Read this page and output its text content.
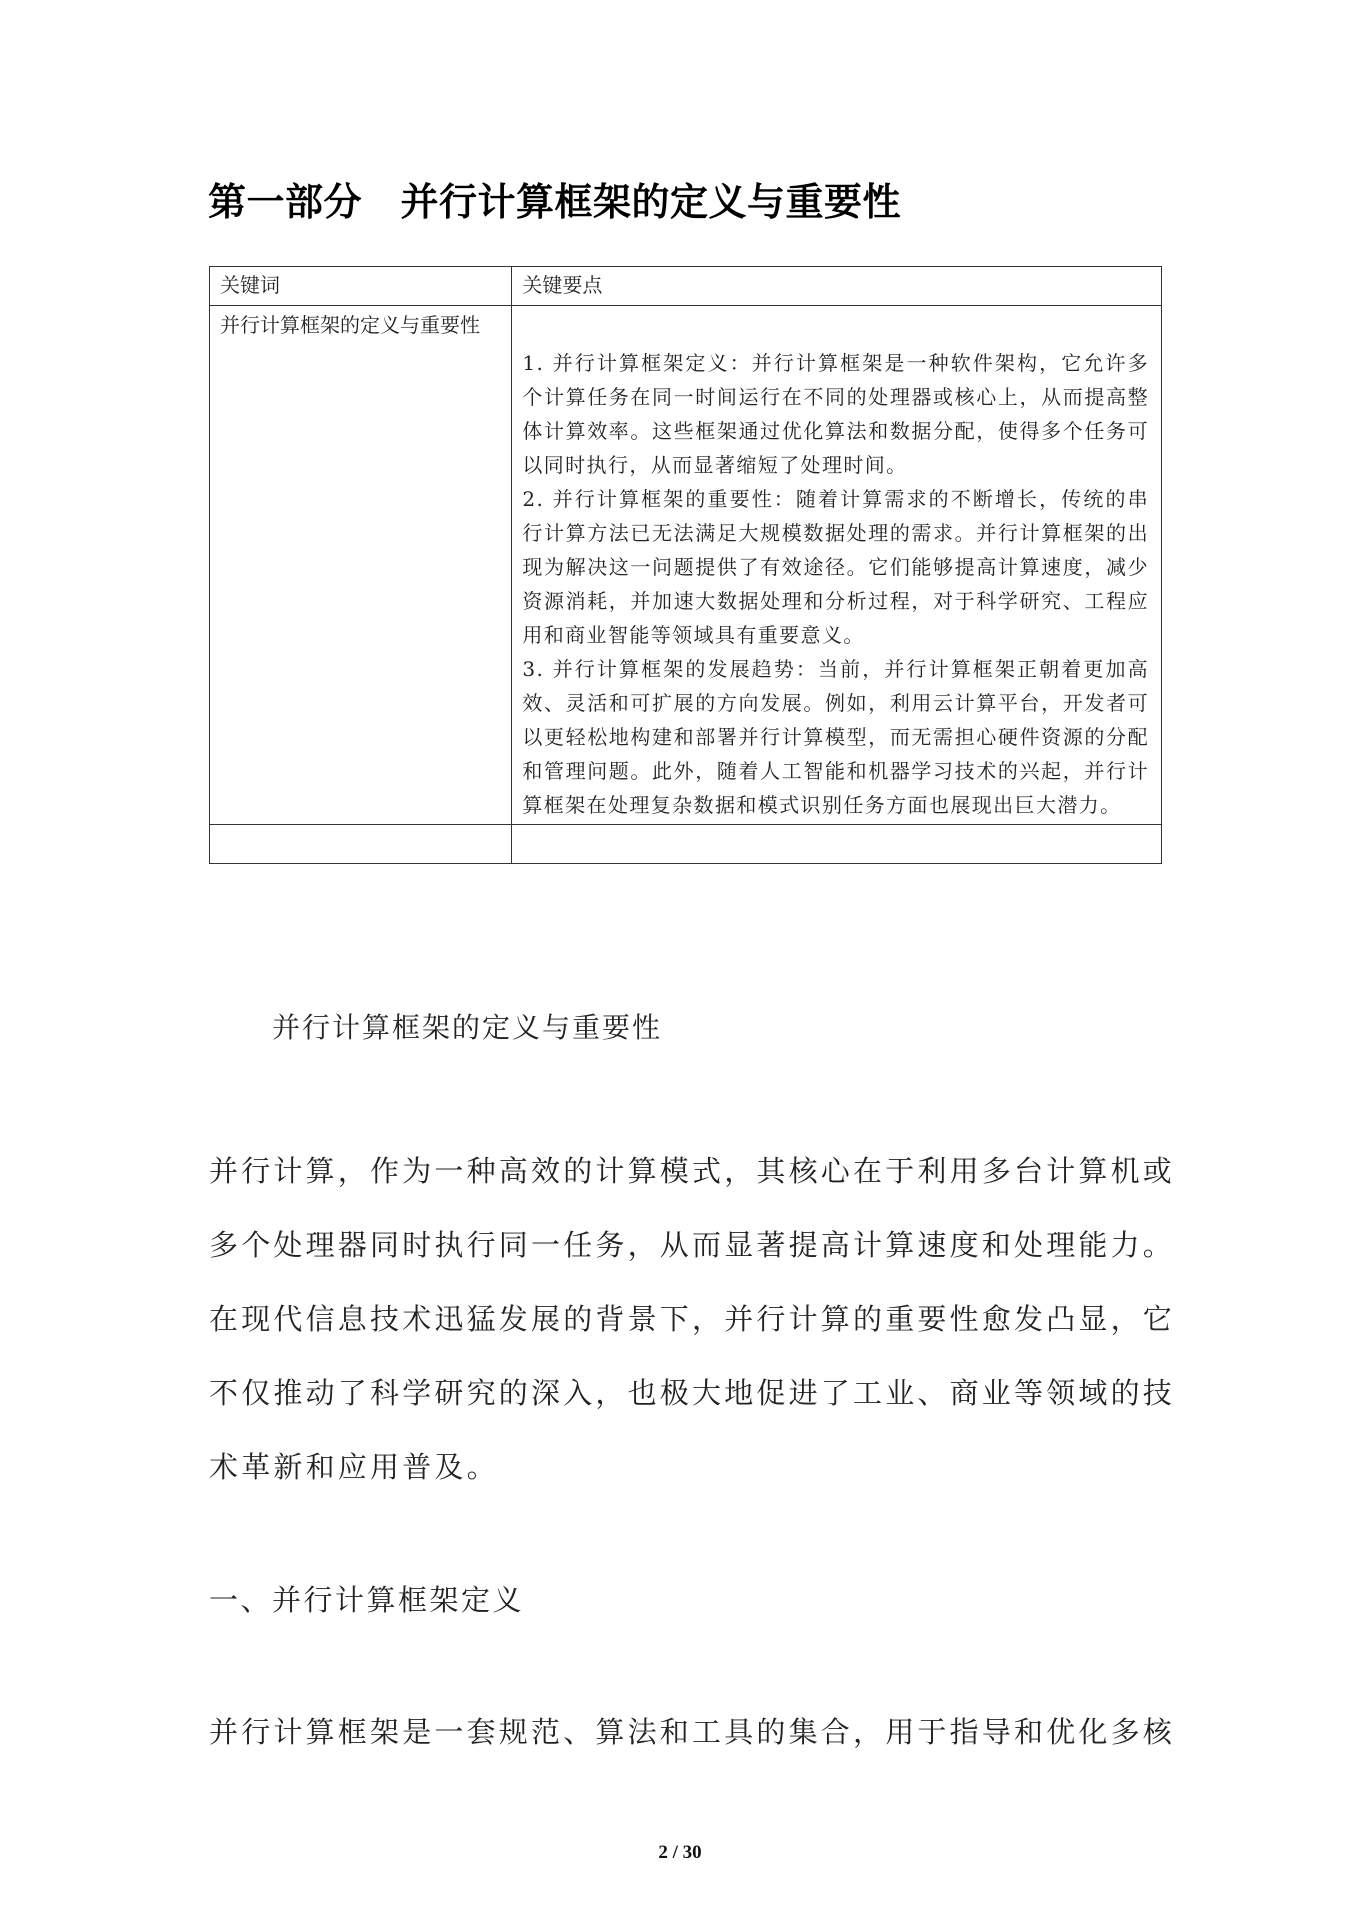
第一部分　并行计算框架的定义与重要性
关键词	关键要点
并行计算框架的定义与重要性	1. 并行计算框架定义：并行计算框架是一种软件架构，它允许多个计算任务在同一时间运行在不同的处理器或核心上，从而提高整体计算效率。这些框架通过优化算法和数据分配，使得多个任务可以同时执行，从而显著缩短了处理时间。

2. 并行计算框架的重要性：随着计算需求的不断增长，传统的串行计算方法已无法满足大规模数据处理的需求。并行计算框架的出现为解决这一问题提供了有效途径。它们能够提高计算速度，减少资源消耗，并加速大数据处理和分析过程，对于科学研究、工程应用和商业智能等领域具有重要意义。

3. 并行计算框架的发展趋势：当前，并行计算框架正朝着更加高效、灵活和可扩展的方向发展。例如，利用云计算平台，开发者可以更轻松地构建和部署并行计算模型，而无需担心硬件资源的分配和管理问题。此外，随着人工智能和机器学习技术的兴起，并行计算框架在处理复杂数据和模式识别任务方面也展现出巨大潜力。

并行计算框架的定义与重要性

并行计算，作为一种高效的计算模式，其核心在于利用多台计算机或多个处理器同时执行同一任务，从而显著提高计算速度和处理能力。在现代信息技术迅猛发展的背景下，并行计算的重要性愈发凸显，它不仅推动了科学研究的深入，也极大地促进了工业、商业等领域的技术革新和应用普及。

一、并行计算框架定义

并行计算框架是一套规范、算法和工具的集合，用于指导和优化多核

2 / 30
